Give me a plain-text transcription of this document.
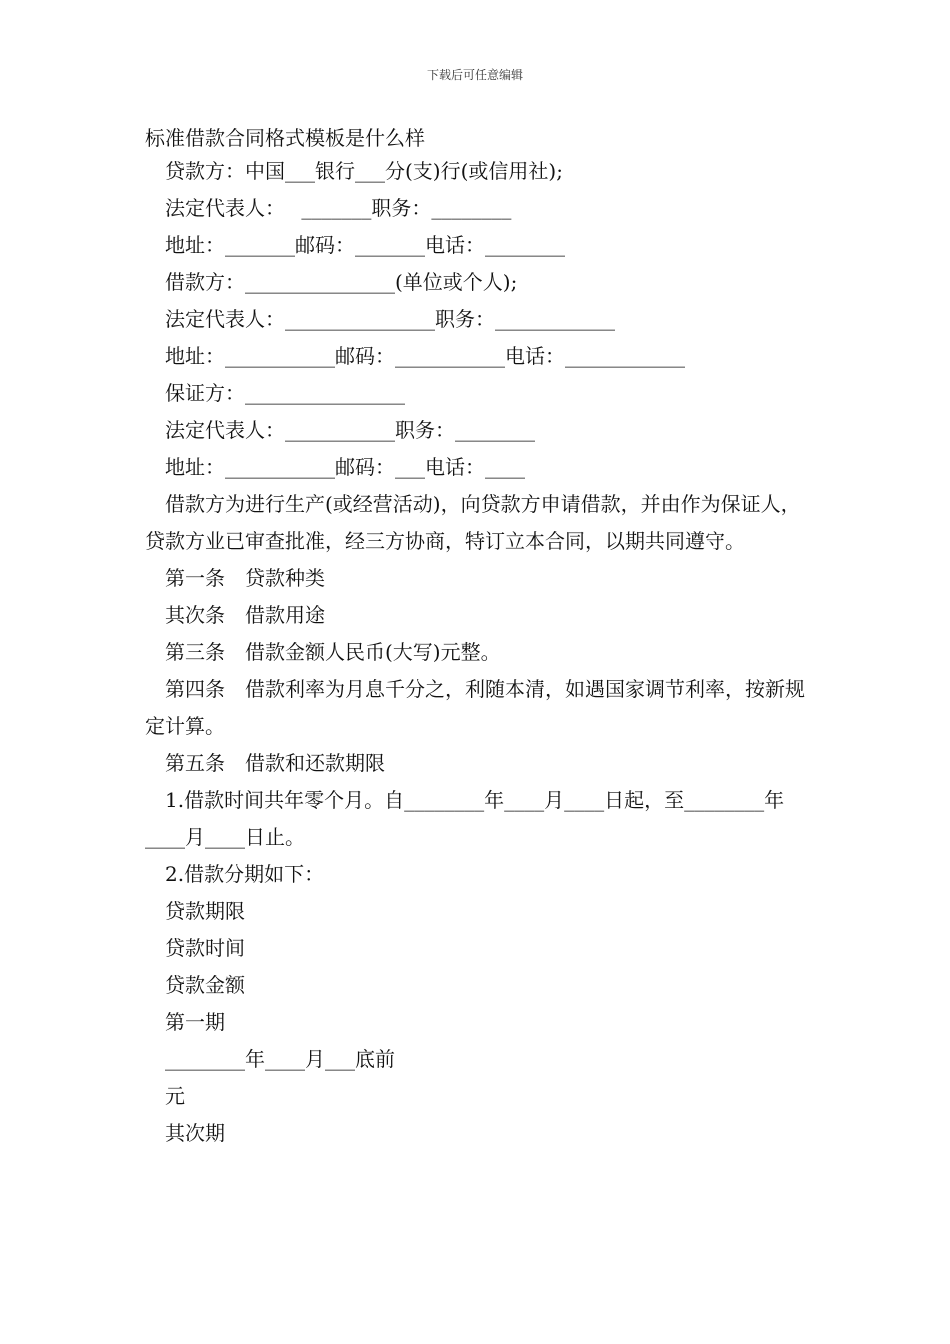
下载后可任意编辑
标准借款合同格式模板是什么样
贷款方：中国___银行___分(支)行(或信用社);
法定代表人：　 _______职务：________
地址：_______邮码：_______电话：________
借款方：_______________(单位或个人);
法定代表人：_______________职务：____________
地址：___________邮码：___________电话：____________
保证方：________________
法定代表人：___________职务：________
地址：___________邮码：___电话：____
借款方为进行生产(或经营活动)，向贷款方申请借款，并由作为保证人，贷款方业已审查批准，经三方协商，特订立本合同，以期共同遵守。
第一条　贷款种类
其次条　借款用途
第三条　借款金额人民币(大写)元整。
第四条　借款利率为月息千分之，利随本清，如遇国家调节利率，按新规定计算。
第五条　借款和还款期限
1.借款时间共年零个月。自________年____月____日起，至________年____月____日止。
2.借款分期如下：
贷款期限
贷款时间
贷款金额
第一期
________年____月___底前
元
其次期
